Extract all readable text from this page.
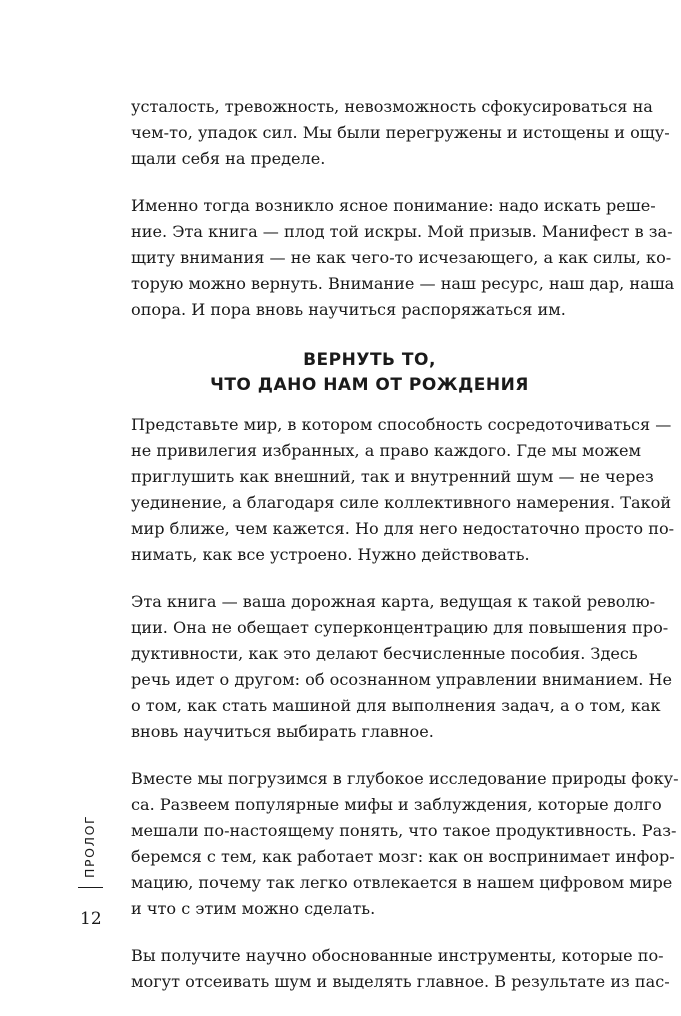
усталость, тревожность, невозможность сфокусироваться на
чем-то, упадок сил. Мы были перегружены и истощены и ощу-
щали себя на пределе.

Именно тогда возникло ясное понимание: надо искать реше-
ние. Эта книга — плод той искры. Мой призыв. Манифест в за-
щиту внимания — не как чего-то исчезающего, а как силы, ко-
торую можно вернуть. Внимание — наш ресурс, наш дар, наша
опора. И пора вновь научиться распоряжаться им.

ВЕРНУТЬ ТО,
ЧТО ДАНО НАМ ОТ РОЖДЕНИЯ

Представьте мир, в котором способность сосредоточиваться —
не привилегия избранных, а право каждого. Где мы можем
приглушить как внешний, так и внутренний шум — не через
уединение, а благодаря силе коллективного намерения. Такой
мир ближе, чем кажется. Но для него недостаточно просто по-
нимать, как все устроено. Нужно действовать.

Эта книга — ваша дорожная карта, ведущая к такой револю-
ции. Она не обещает суперконцентрацию для повышения про-
дуктивности, как это делают бесчисленные пособия. Здесь
речь идет о другом: об осознанном управлении вниманием. Не
о том, как стать машиной для выполнения задач, а о том, как
вновь научиться выбирать главное.

Вместе мы погрузимся в глубокое исследование природы фоку-
са. Развеем популярные мифы и заблуждения, которые долго
мешали по-настоящему понять, что такое продуктивность. Раз-
беремся с тем, как работает мозг: как он воспринимает инфор-
мацию, почему так легко отвлекается в нашем цифровом мире
и что с этим можно сделать.

Вы получите научно обоснованные инструменты, которые по-
могут отсеивать шум и выделять главное. В результате из пас-

ПРОЛОГ
12
